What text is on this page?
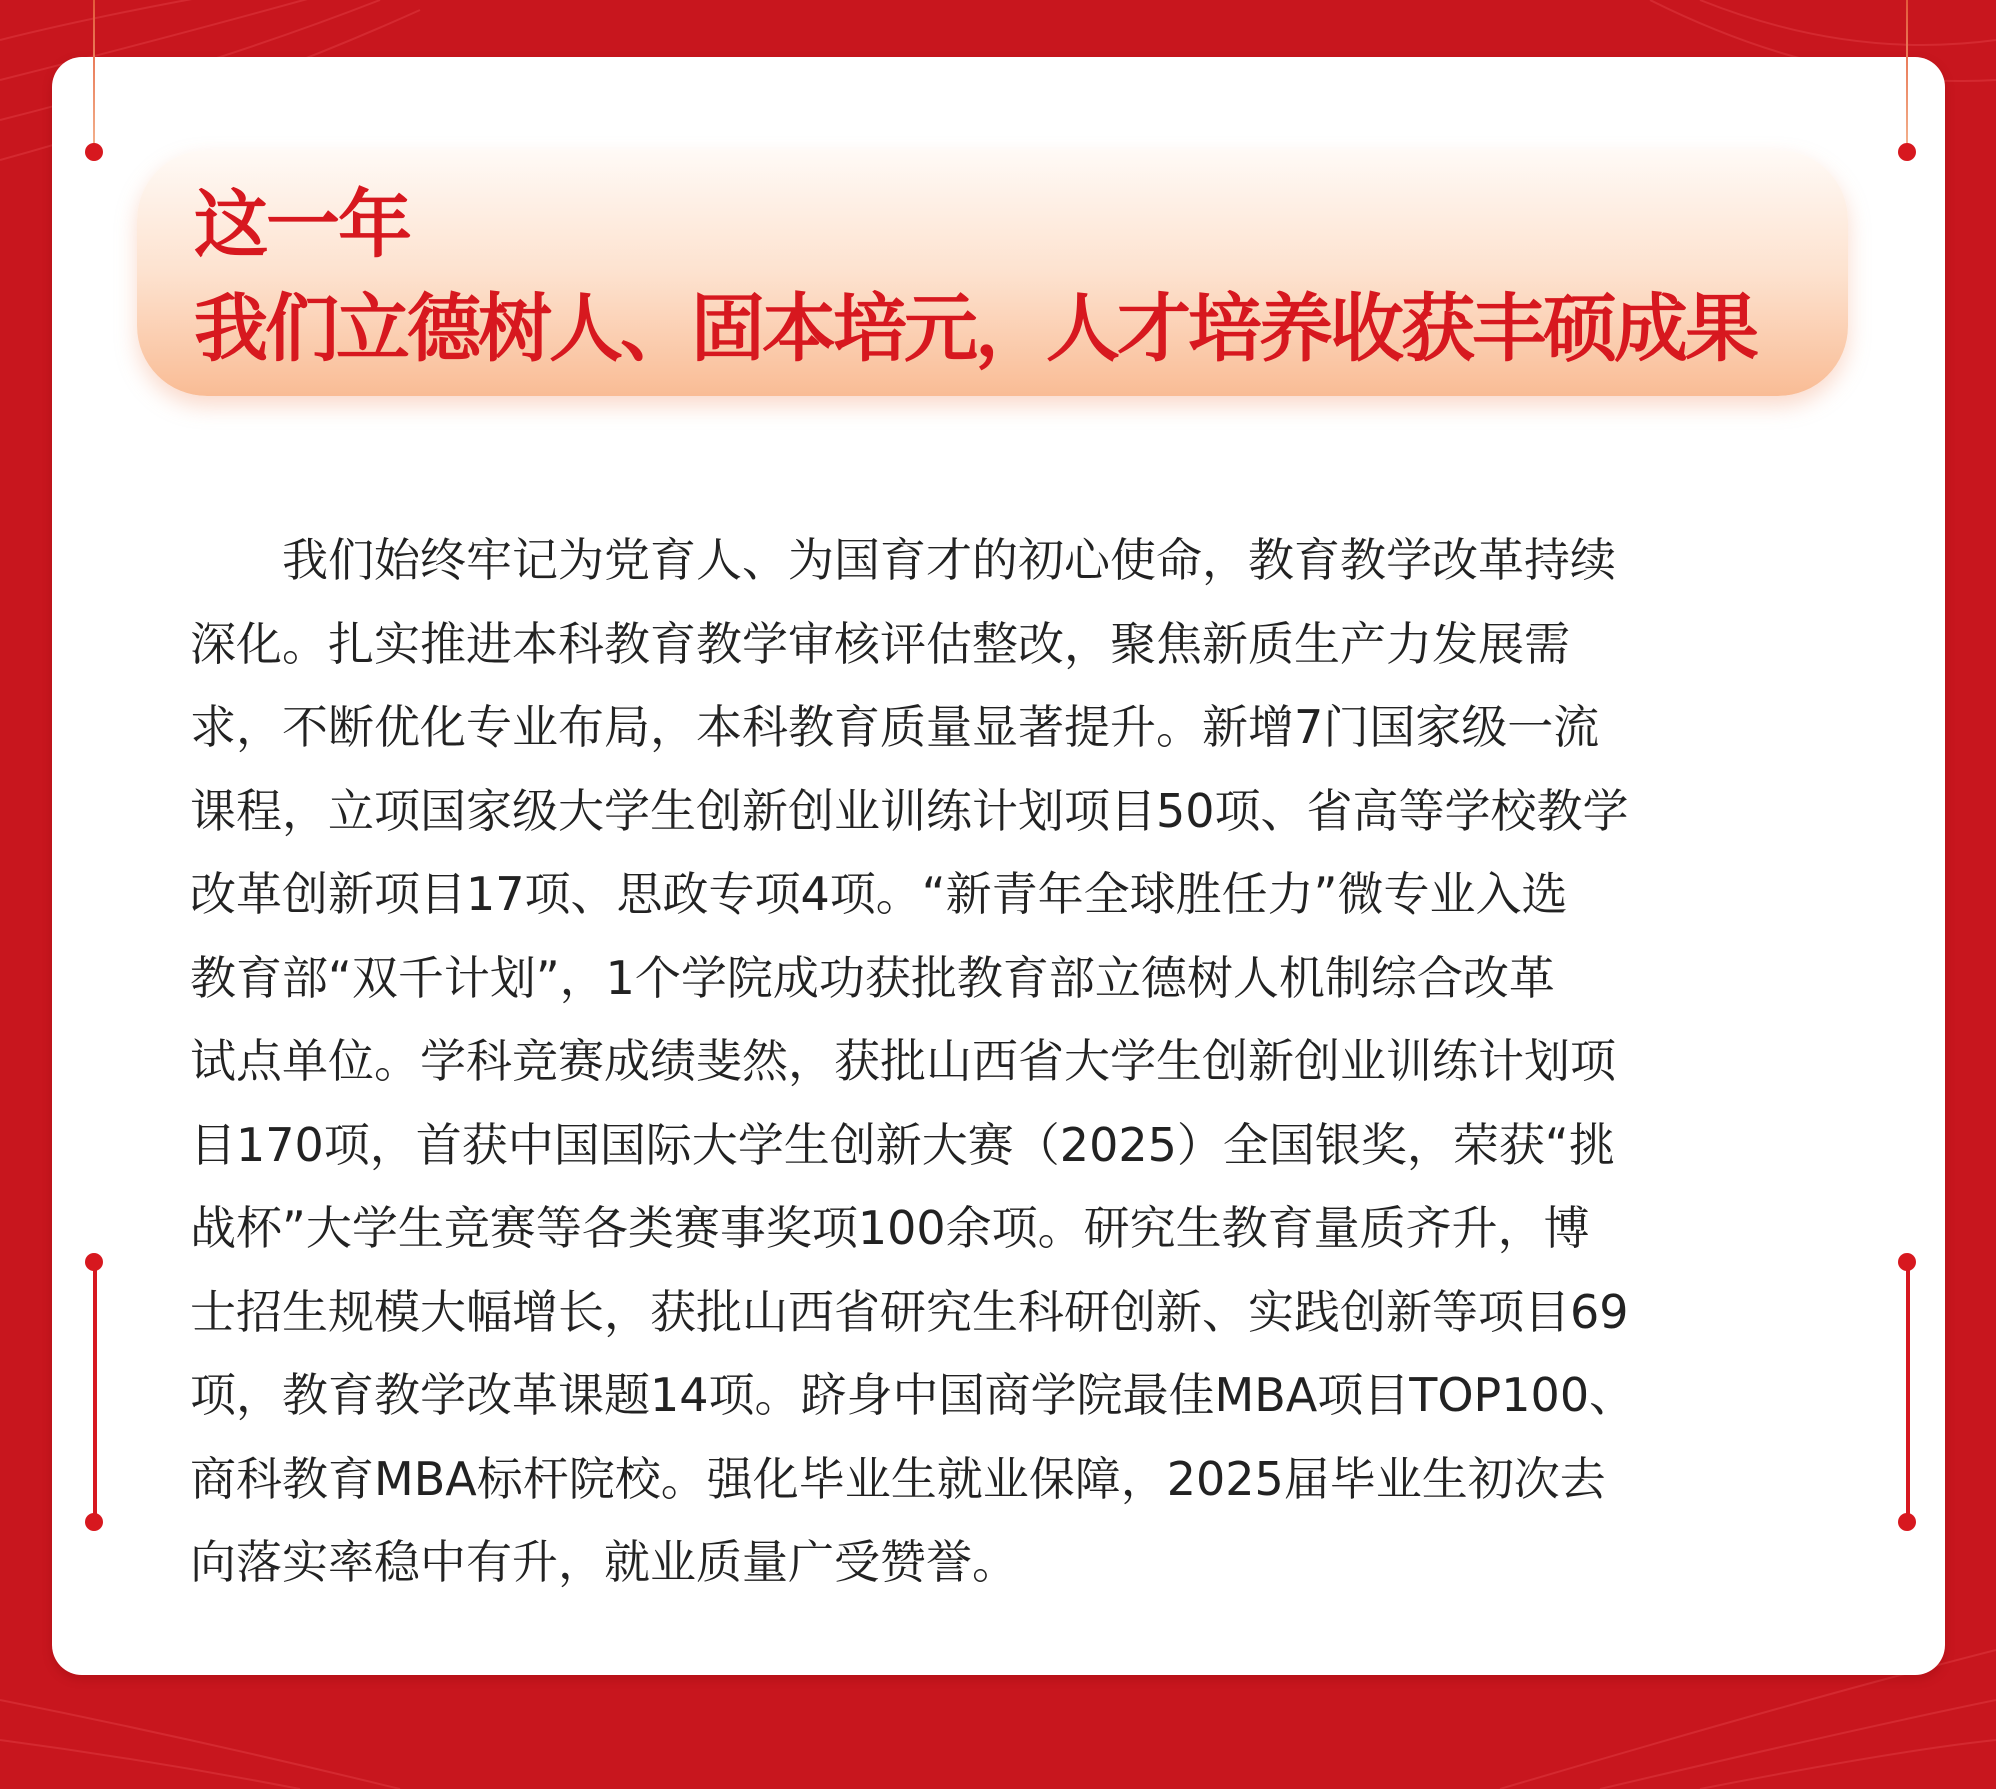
这一年
我们立德树人、固本培元，人才培养收获丰硕成果
　　我们始终牢记为党育人、为国育才的初心使命，教育教学改革持续
深化。扎实推进本科教育教学审核评估整改，聚焦新质生产力发展需
求，不断优化专业布局，本科教育质量显著提升。新增7门国家级一流
课程，立项国家级大学生创新创业训练计划项目50项、省高等学校教学
改革创新项目17项、思政专项4项。“新青年全球胜任力”微专业入选
教育部“双千计划”，1个学院成功获批教育部立德树人机制综合改革
试点单位。学科竞赛成绩斐然，获批山西省大学生创新创业训练计划项
目170项，首获中国国际大学生创新大赛（2025）全国银奖，荣获“挑
战杯”大学生竞赛等各类赛事奖项100余项。研究生教育量质齐升，博
士招生规模大幅增长，获批山西省研究生科研创新、实践创新等项目69
项，教育教学改革课题14项。跻身中国商学院最佳MBA项目TOP100、
商科教育MBA标杆院校。强化毕业生就业保障，2025届毕业生初次去
向落实率稳中有升，就业质量广受赞誉。
